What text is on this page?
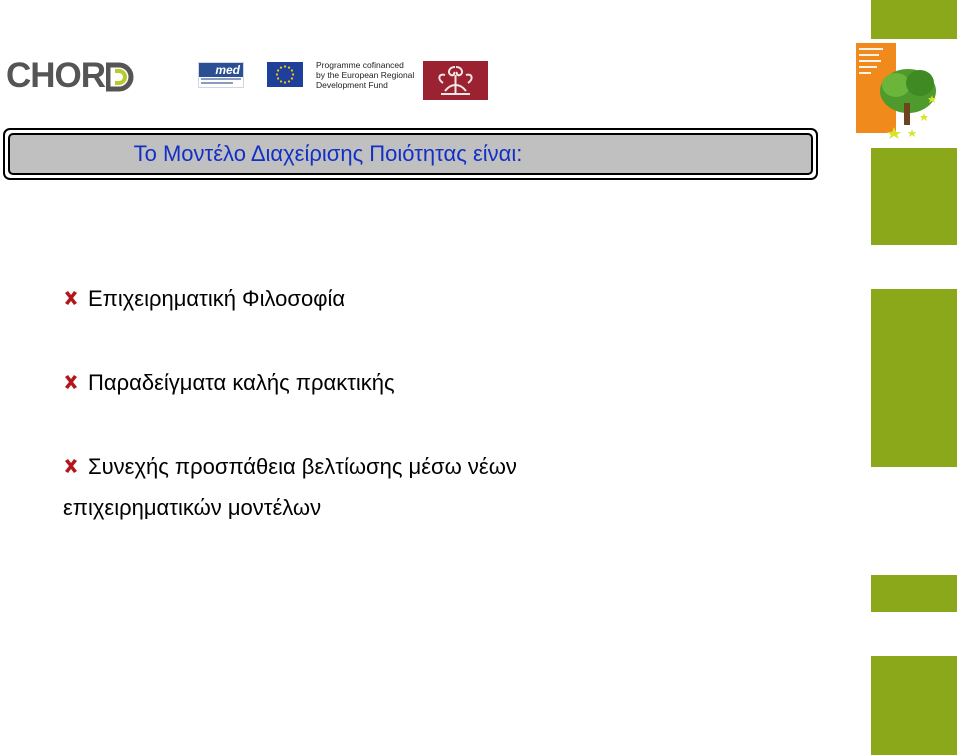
CHOR	med	Programme cofinanced
by the European Regional
Development Fund
Το Μοντέλο Διαχείρισης Ποιότητας είναι:
Επιχειρηματική Φιλοσοφία
Παραδείγματα καλής πρακτικής
Συνεχής προσπάθεια βελτίωσης μέσω νέων
επιχειρηματικών μοντέλων
